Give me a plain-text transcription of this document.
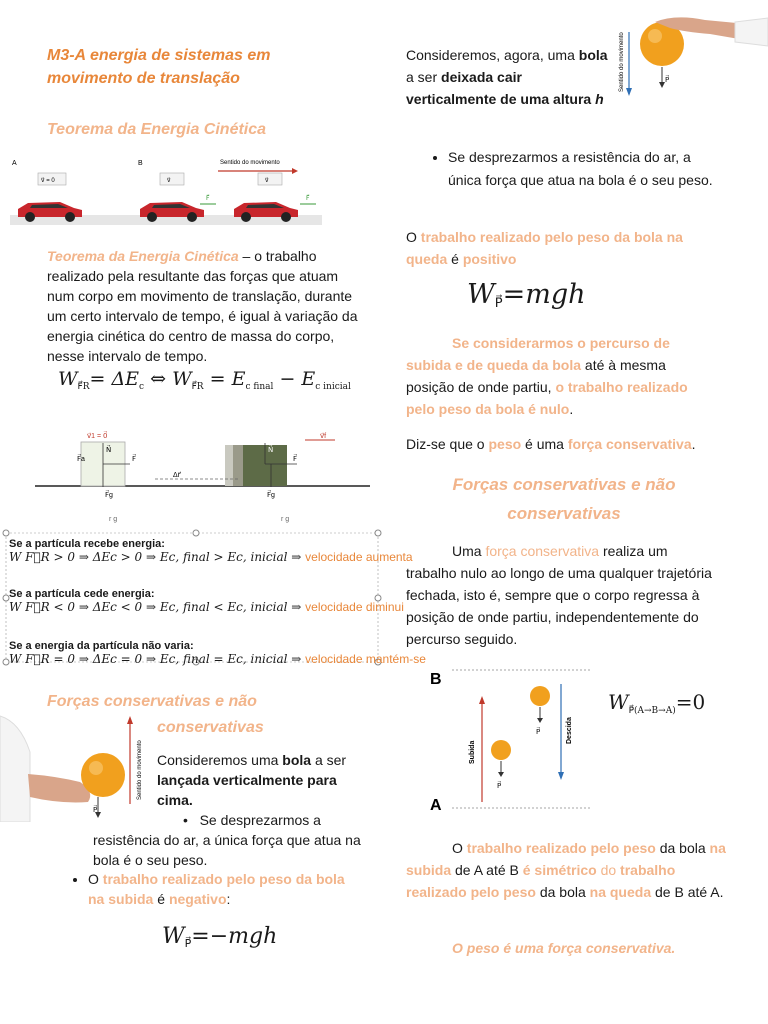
M3-A energia de sistemas em
movimento de translação
Teorema da Energia Cinética
A	B	Sentido do movimento
v⃗ = 0	v⃗	v⃗
F⃗	F⃗
Teorema da Energia Cinética – o trabalho realizado pela resultante das forças que atuam num corpo em movimento de translação, durante um certo intervalo de tempo, é igual à variação da energia cinética do centro de massa do corpo, nesse intervalo de tempo.
$W_{F⃗R}= \Delta E_c$ ⇔ $W_{F⃗R} = E_{c final} - E_{c inicial}$
v⃗1 = 0⃗	v⃗f
N⃗	N⃗
F⃗a	F⃗	F⃗
F⃗g	F⃗g
Δr⃗
r g	r g
Se a partícula recebe energia:
W F⃗R > 0 ⇒ ΔEc > 0 ⇒ Ec, final > Ec, inicial ⇒ velocidade aumenta
Se a partícula cede energia:
W F⃗R < 0 ⇒ ΔEc < 0 ⇒ Ec, final < Ec, inicial ⇒ velocidade diminui
Se a energia da partícula não varia:
W F⃗R = 0 ⇒ ΔEc = 0 ⇒ Ec, final = Ec, inicial ⇒ velocidade mantém-se
Forças conservativas e não
conservativas
P⃗
Sentido do movimento Consideremos uma bola a ser lançada verticalmente para cima.
•   Se desprezarmos a resistência do ar, a única força que atua na bola é o seu peso.
• O trabalho realizado pelo peso da bola na subida é negativo:
$W_{P⃗}=-mgh$
Consideremos, agora, uma bola a ser deixada cair verticalmente de uma altura h
Sentido do movimento	P⃗
• Se desprezarmos a resistência do ar, a única força que atua na bola é o seu peso.
O trabalho realizado pelo peso da bola na queda é positivo
$W_{P⃗}=mgh$
Se considerarmos o percurso de subida e de queda da bola até à mesma posição de onde partiu, o trabalho realizado pelo peso da bola é nulo.
Diz-se que o peso é uma força conservativa.
Forças conservativas e não
conservativas
Uma força conservativa realiza um trabalho nulo ao longo de uma qualquer trajetória fechada, isto é, sempre que o corpo regressa à posição de onde partiu, independentemente do percurso seguido.
B
A
Subida
Descida
P⃗
P⃗
$W_{P⃗(A\to B\to A)}=0$
O trabalho realizado pelo peso da bola na subida de A até B é simétrico do trabalho realizado pelo peso da bola na queda de B até A.
O peso é uma força conservativa.
